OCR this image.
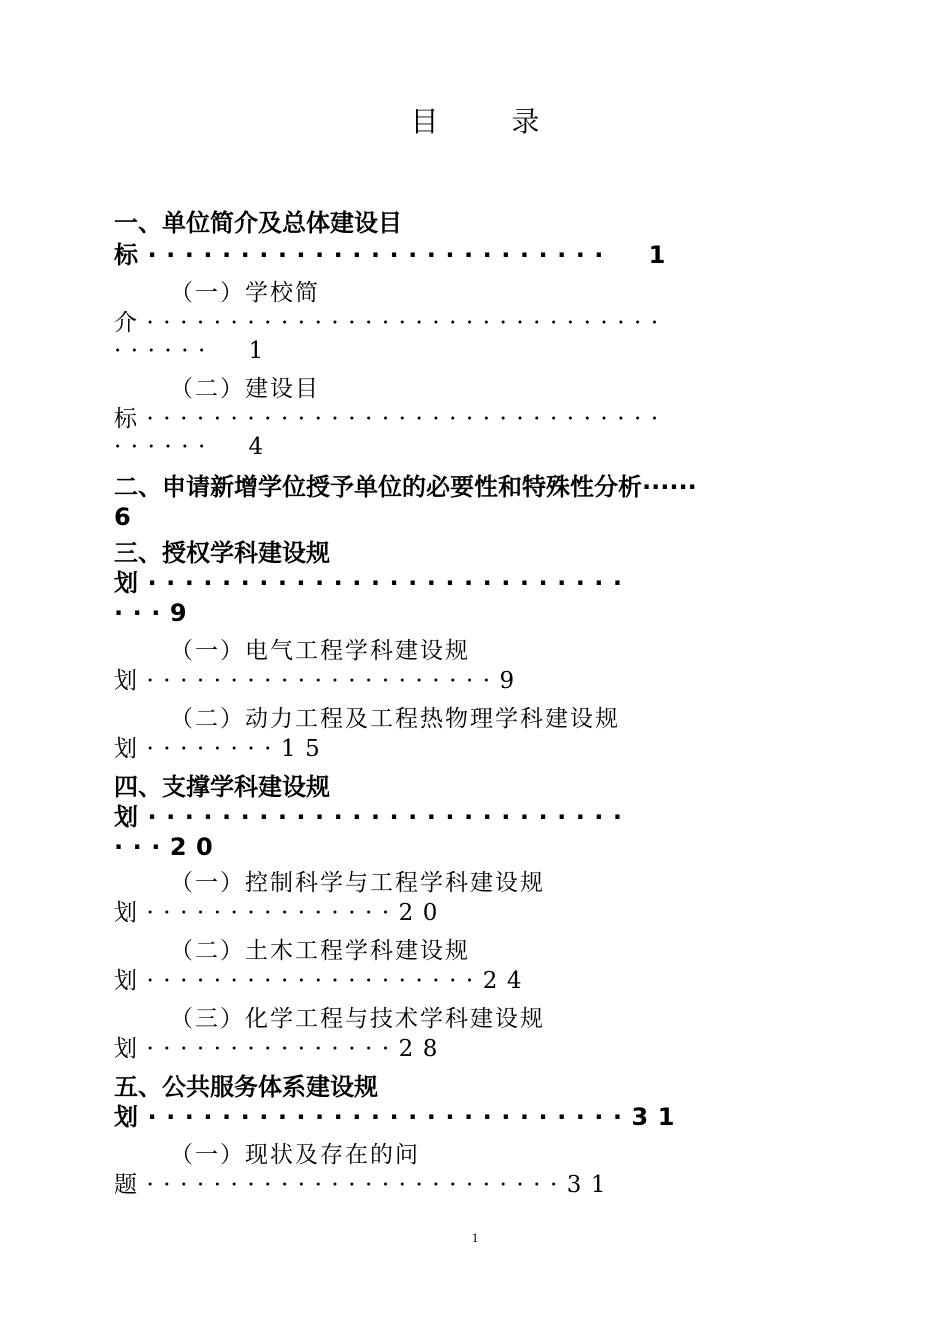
目 录
一、单位简介及总体建设目
标·························  1
（一）学校简
介·······························
······  1
（二）建设目
标·······························
······  4
二、申请新增学位授予单位的必要性和特殊性分析······
6
三、授权学科建设规
划··························
···9
（一）电气工程学科建设规
划·····················9
（二）动力工程及工程热物理学科建设规
划········15
四、支撑学科建设规
划··························
···20
（一）控制科学与工程学科建设规
划···············20
（二）土木工程学科建设规
划····················24
（三）化学工程与技术学科建设规
划···············28
五、公共服务体系建设规
划··························31
（一）现状及存在的问
题·························31
1
